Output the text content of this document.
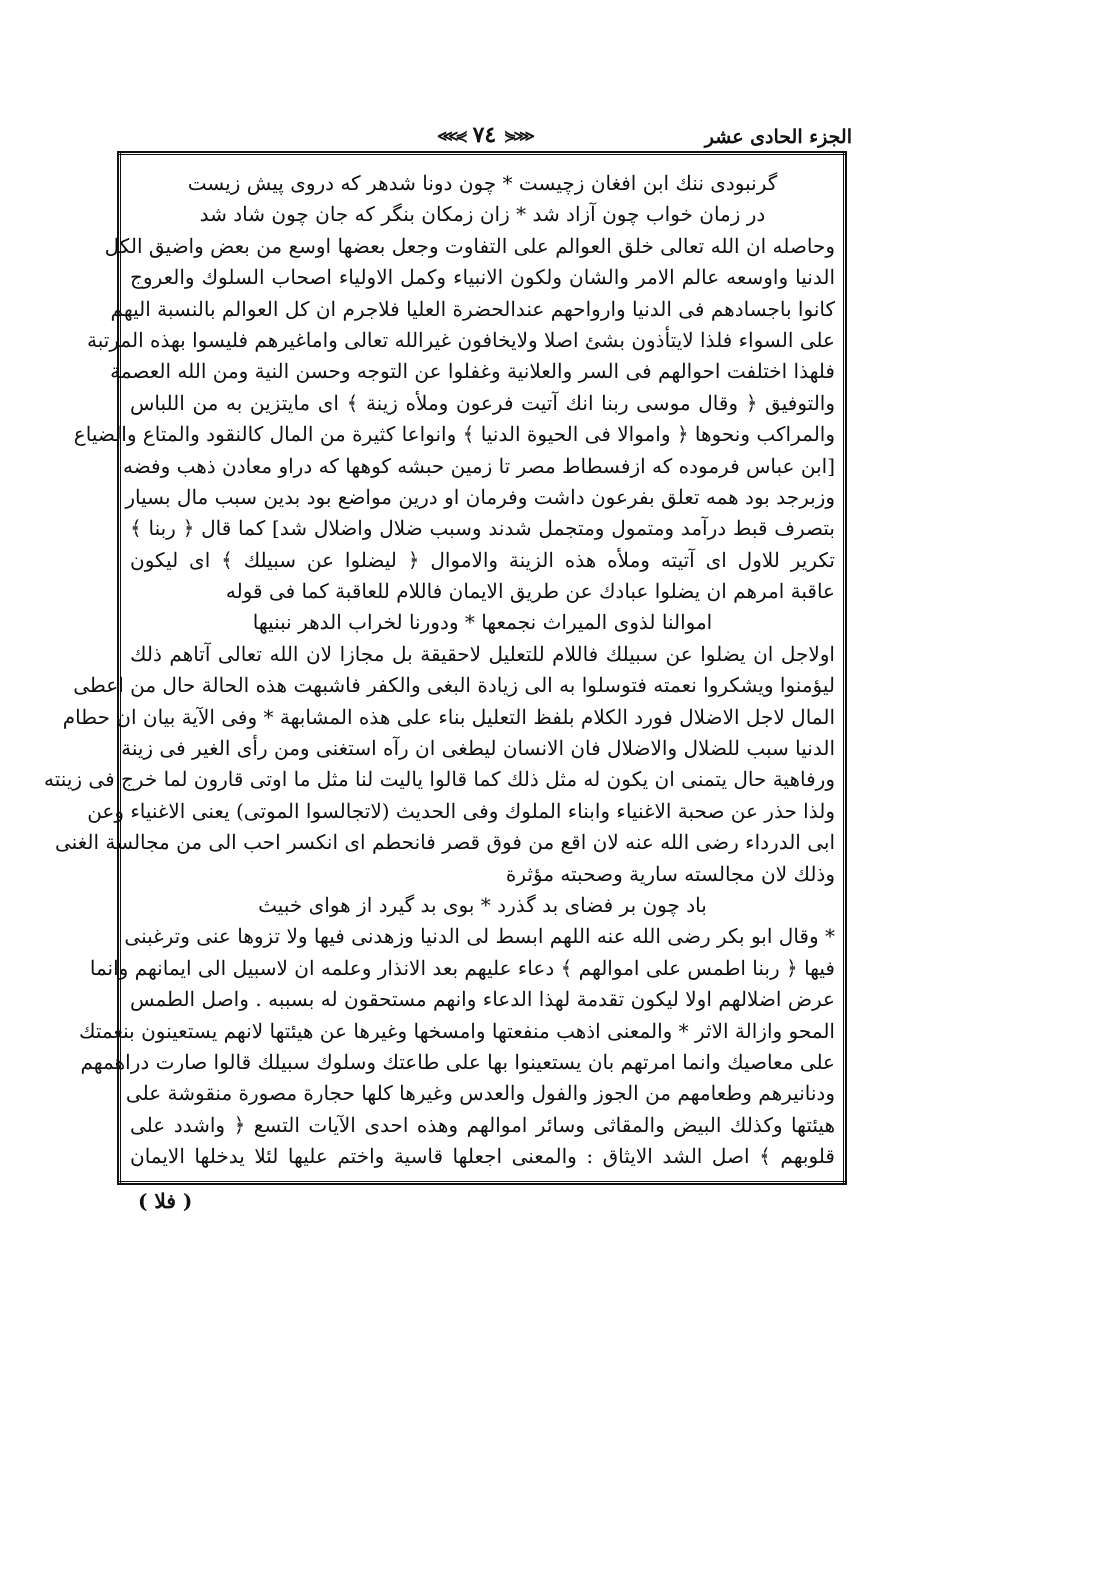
الجزء الحادى عشر
⋘⋞ ٧٤ ⋟⋙
گرنبودی ننك ابن افغان زچيست * چون دونا شدهر كه دروى پيش زيست
در زمان خواب چون آزاد شد * زان زمكان بنگر كه جان چون شاد شد
وحاصله ان الله تعالى خلق العوالم على التفاوت وجعل بعضها اوسع من بعض واضيق الكل
الدنيا واوسعه عالم الامر والشان ولكون الانبياء وكمل الاولياء اصحاب السلوك والعروج
كانوا باجسادهم فى الدنيا وارواحهم عندالحضرة العليا فلاجرم ان كل العوالم بالنسبة اليهم
على السواء فلذا لايتأذون بشئ اصلا ولايخافون غيرالله تعالى واماغيرهم فليسوا بهذه المرتبة
فلهذا اختلفت احوالهم فى السر والعلانية وغفلوا عن التوجه وحسن النية ومن الله العصمة
والتوفيق ﴿ وقال موسى ربنا انك آتيت فرعون وملأه زينة ﴾ اى مايتزين به من اللباس
والمراكب ونحوها ﴿ واموالا فى الحيوة الدنيا ﴾ وانواعا كثيرة من المال كالنقود والمتاع والضياع
[ابن عباس فرموده كه ازفسطاط مصر تا زمين حبشه كوهها كه دراو معادن ذهب وفضه
وزبرجد بود همه تعلق بفرعون داشت وفرمان او درين مواضع بود بدين سبب مال بسيار
بتصرف قبط درآمد ومتمول ومتجمل شدند وسبب ضلال واضلال شد] كما قال ﴿ ربنا ﴾
تكرير للاول اى آتيته وملأه هذه الزينة والاموال ﴿ ليضلوا عن سبيلك ﴾ اى ليكون
عاقبة امرهم ان يضلوا عبادك عن طريق الايمان فاللام للعاقبة كما فى قوله
اموالنا لذوى الميراث نجمعها * ودورنا لخراب الدهر نبنيها
اولاجل ان يضلوا عن سبيلك فاللام للتعليل لاحقيقة بل مجازا لان الله تعالى آتاهم ذلك
ليؤمنوا ويشكروا نعمته فتوسلوا به الى زيادة البغى والكفر فاشبهت هذه الحالة حال من اعطى
المال لاجل الاضلال فورد الكلام بلفظ التعليل بناء على هذه المشابهة * وفى الآية بيان ان حطام
الدنيا سبب للضلال والاضلال فان الانسان ليطغى ان رآه استغنى ومن رأى الغير فى زينة
ورفاهية حال يتمنى ان يكون له مثل ذلك كما قالوا ياليت لنا مثل ما اوتى قارون لما خرج فى زينته
ولذا حذر عن صحبة الاغنياء وابناء الملوك وفى الحديث (لاتجالسوا الموتى) يعنى الاغنياء وعن
ابى الدرداء رضى الله عنه لان اقع من فوق قصر فانحطم اى انكسر احب الى من مجالسة الغنى
وذلك لان مجالسته سارية وصحبته مؤثرة
باد چون بر فضاى بد گذرد * بوى بد گيرد از هواى خبيث
* وقال ابو بكر رضى الله عنه اللهم ابسط لى الدنيا وزهدنى فيها ولا تزوها عنى وترغبنى
فيها ﴿ ربنا اطمس على اموالهم ﴾ دعاء عليهم بعد الانذار وعلمه ان لاسبيل الى ايمانهم وانما
عرض اضلالهم اولا ليكون تقدمة لهذا الدعاء وانهم مستحقون له بسببه . واصل الطمس
المحو وازالة الاثر * والمعنى اذهب منفعتها وامسخها وغيرها عن هيئتها لانهم يستعينون بنعمتك
على معاصيك وانما امرتهم بان يستعينوا بها على طاعتك وسلوك سبيلك قالوا صارت دراهمهم
ودنانيرهم وطعامهم من الجوز والفول والعدس وغيرها كلها حجارة مصورة منقوشة على
هيئتها وكذلك البيض والمقاثى وسائر اموالهم وهذه احدى الآيات التسع ﴿ واشدد على
قلوبهم ﴾ اصل الشد الايثاق : والمعنى اجعلها قاسية واختم عليها لئلا يدخلها الايمان
( فلا )
